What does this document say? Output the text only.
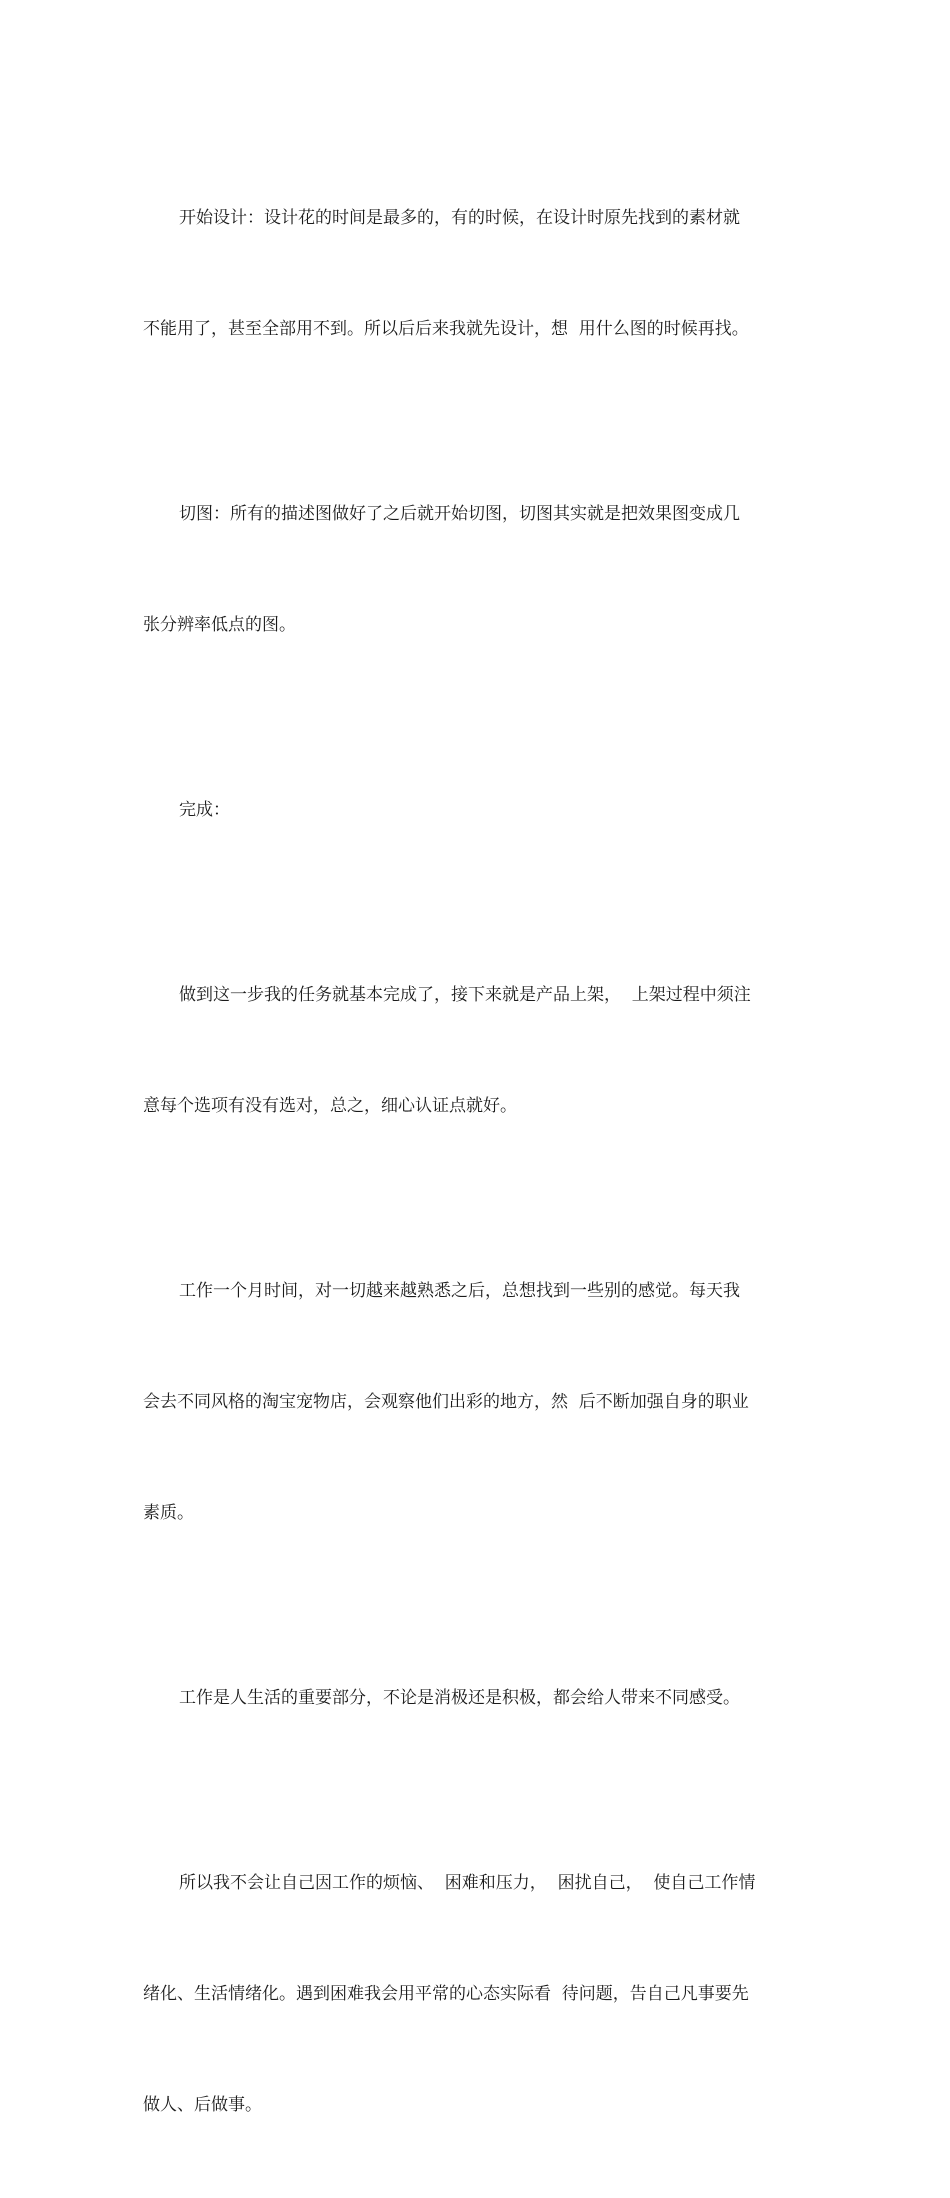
开始设计：设计花的时间是最多的，有的时候，在设计时原先找到的素材就

不能用了，甚至全部用不到。所以后后来我就先设计，想  用什么图的时候再找。

切图：所有的描述图做好了之后就开始切图，切图其实就是把效果图变成几

张分辨率低点的图。

完成：

做到这一步我的任务就基本完成了，接下来就是产品上架，  上架过程中须注

意每个选项有没有选对，总之，细心认证点就好。

工作一个月时间，对一切越来越熟悉之后，总想找到一些别的感觉。每天我

会去不同风格的淘宝宠物店，会观察他们出彩的地方，然  后不断加强自身的职业

素质。

工作是人生活的重要部分，不论是消极还是积极，都会给人带来不同感受。

所以我不会让自己因工作的烦恼、  困难和压力，  困扰自己，  使自己工作情

绪化、生活情绪化。遇到困难我会用平常的心态实际看  待问题，告自己凡事要先

做人、后做事。
